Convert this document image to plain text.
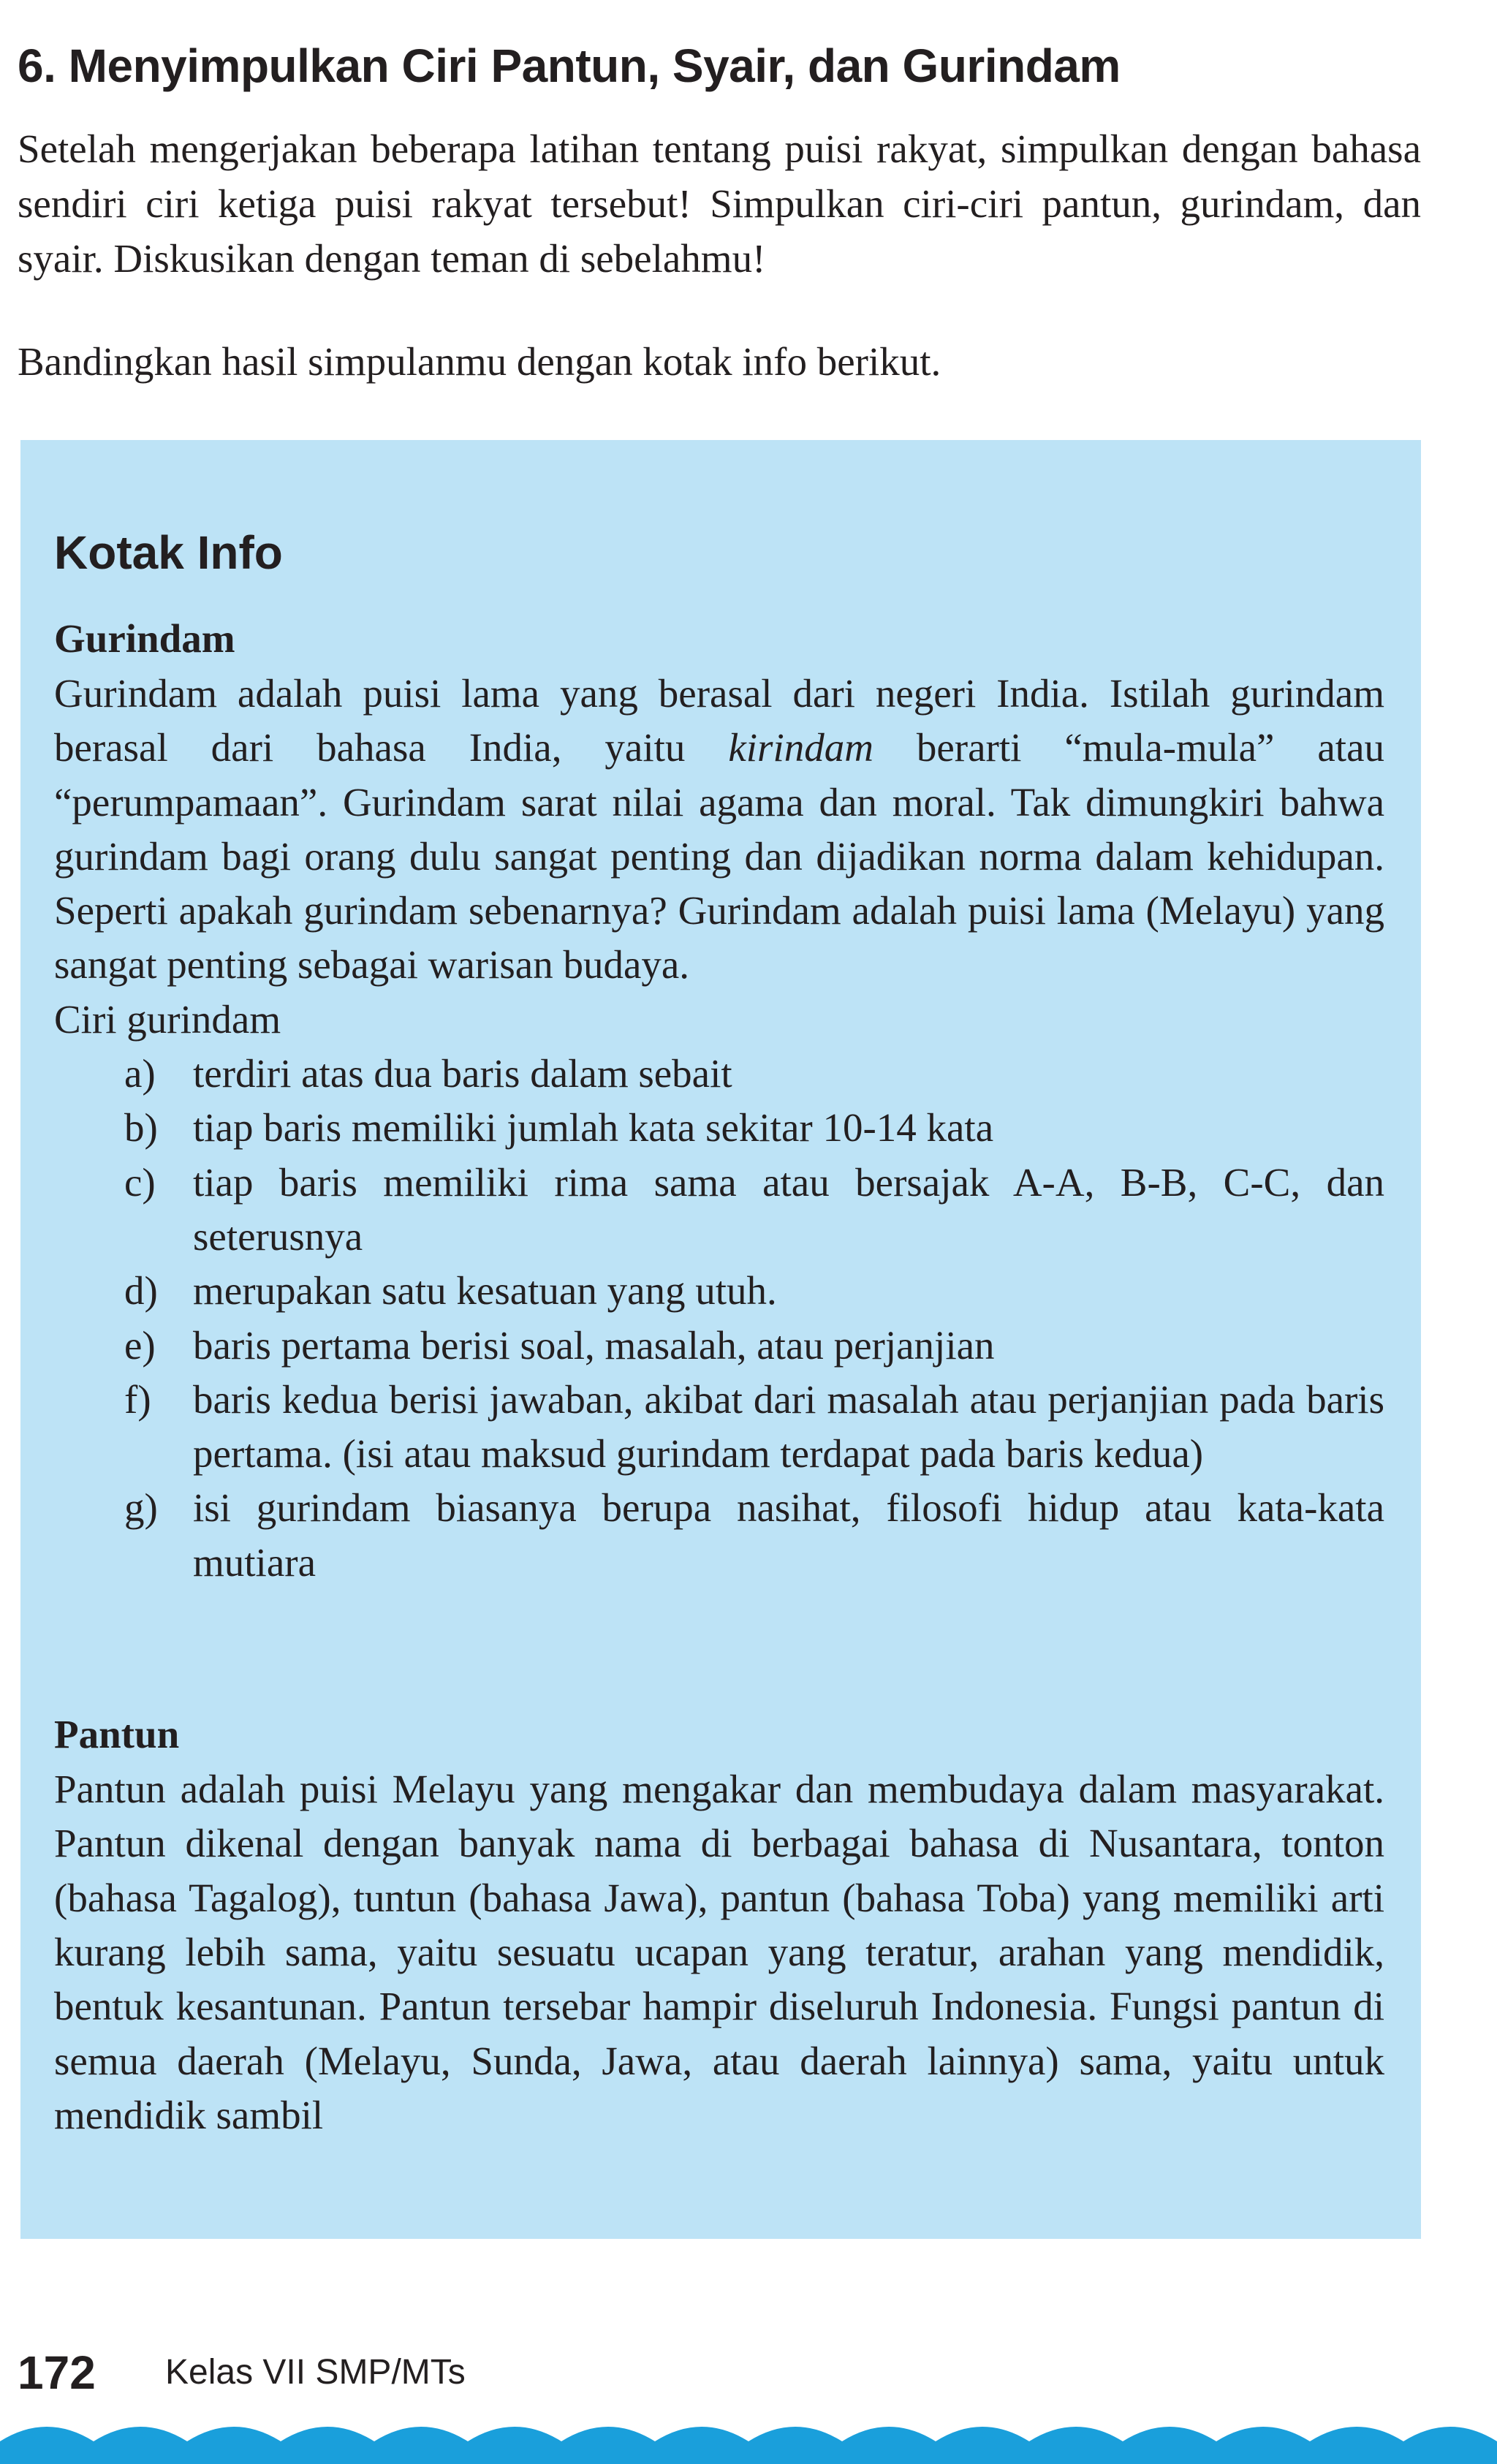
6. Menyimpulkan Ciri Pantun, Syair, dan Gurindam

Setelah mengerjakan beberapa latihan tentang puisi rakyat, simpulkan dengan bahasa sendiri ciri ketiga puisi rakyat tersebut! Simpulkan ciri-ciri pantun, gurindam, dan syair. Diskusikan dengan teman di sebelahmu!

Bandingkan hasil simpulanmu dengan kotak info berikut.

Kotak Info
Gurindam

Gurindam adalah puisi lama yang berasal dari negeri India. Istilah gurindam berasal dari bahasa India, yaitu kirindam berarti “mula-mula” atau “perumpamaan”. Gurindam sarat nilai agama dan moral. Tak dimungkiri bahwa gurindam bagi orang dulu sangat penting dan dijadikan norma dalam kehidupan. Seperti apakah gurindam sebenarnya? Gurindam adalah puisi lama (Melayu) yang sangat penting sebagai warisan budaya.

Ciri gurindam

a) terdiri atas dua baris dalam sebait
b) tiap baris memiliki jumlah kata sekitar 10-14 kata
c) tiap baris memiliki rima sama atau bersajak A-A, B-B, C-C, dan seterusnya
d) merupakan satu kesatuan yang utuh.
e) baris pertama berisi soal, masalah, atau perjanjian
f) baris kedua berisi jawaban, akibat dari masalah atau perjanjian pada baris pertama. (isi atau maksud gurindam terdapat pada baris kedua)
g) isi gurindam biasanya berupa nasihat, filosofi hidup atau kata-kata mutiara
Pantun

Pantun adalah puisi Melayu yang mengakar dan membudaya dalam masyarakat. Pantun dikenal dengan banyak nama di berbagai bahasa di Nusantara, tonton (bahasa Tagalog), tuntun (bahasa Jawa), pantun (bahasa Toba) yang memiliki arti kurang lebih sama, yaitu sesuatu ucapan yang teratur, arahan yang mendidik, bentuk kesantunan. Pantun tersebar hampir diseluruh Indonesia. Fungsi pantun di semua daerah (Melayu, Sunda, Jawa, atau daerah lainnya) sama, yaitu untuk mendidik sambil

172 Kelas VII SMP/MTs
